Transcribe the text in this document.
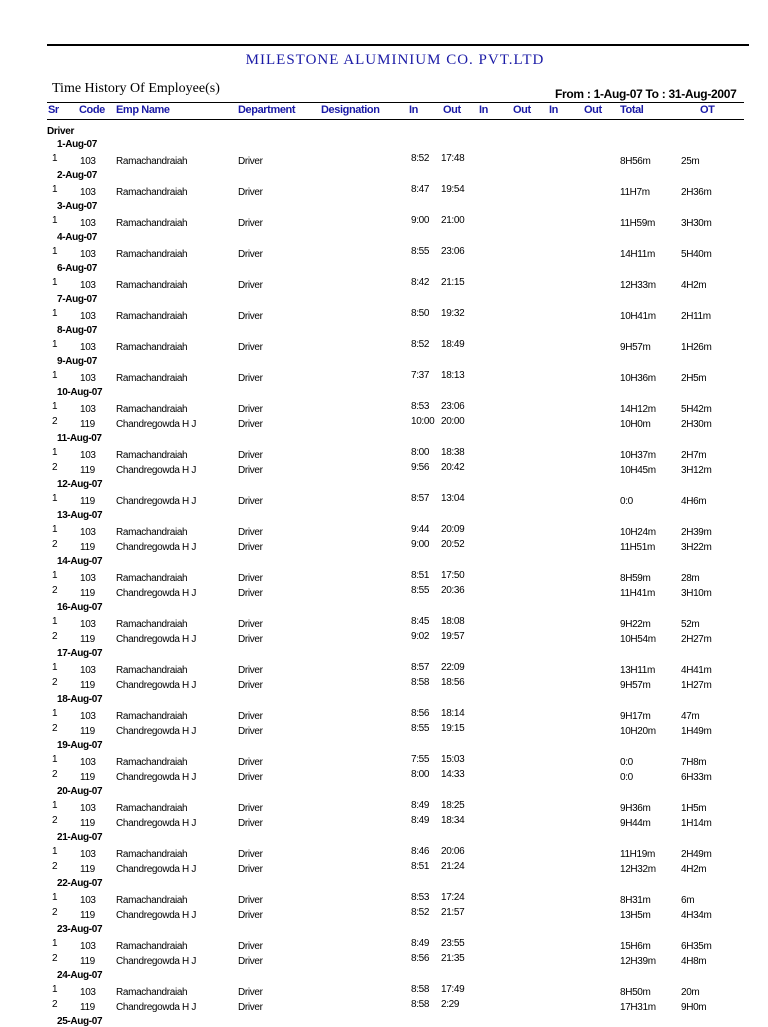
MILESTONE ALUMINIUM CO. PVT.LTD
Time History Of Employee(s)	From : 1-Aug-07 To : 31-Aug-2007
Sr Code Emp Name	Department Designation	In Out In Out In Out Total	OT
Driver
1-Aug-07
1 103 Ramachandraiah	Driver	8:52 17:48	8H56m	25m
2-Aug-07
1 103 Ramachandraiah	Driver	8:47 19:54	11H7m	2H36m
3-Aug-07
1 103 Ramachandraiah	Driver	9:00 21:00	11H59m	3H30m
4-Aug-07
1 103 Ramachandraiah	Driver	8:55 23:06	14H11m	5H40m
6-Aug-07
1 103 Ramachandraiah	Driver	8:42 21:15	12H33m	4H2m
7-Aug-07
1 103 Ramachandraiah	Driver	8:50 19:32	10H41m	2H11m
8-Aug-07
1 103 Ramachandraiah	Driver	8:52 18:49	9H57m	1H26m
9-Aug-07
1 103 Ramachandraiah	Driver	7:37 18:13	10H36m	2H5m
10-Aug-07
1 103 Ramachandraiah	Driver	8:53 23:06	14H12m	5H42m
2 119 Chandregowda H J	Driver	10:00 20:00	10H0m	2H30m
11-Aug-07
1 103 Ramachandraiah	Driver	8:00 18:38	10H37m	2H7m
2 119 Chandregowda H J	Driver	9:56 20:42	10H45m	3H12m
12-Aug-07
1 119 Chandregowda H J	Driver	8:57 13:04	0:0	4H6m
13-Aug-07
1 103 Ramachandraiah	Driver	9:44 20:09	10H24m	2H39m
2 119 Chandregowda H J	Driver	9:00 20:52	11H51m	3H22m
14-Aug-07
1 103 Ramachandraiah	Driver	8:51 17:50	8H59m	28m
2 119 Chandregowda H J	Driver	8:55 20:36	11H41m	3H10m
16-Aug-07
1 103 Ramachandraiah	Driver	8:45 18:08	9H22m	52m
2 119 Chandregowda H J	Driver	9:02 19:57	10H54m	2H27m
17-Aug-07
1 103 Ramachandraiah	Driver	8:57 22:09	13H11m	4H41m
2 119 Chandregowda H J	Driver	8:58 18:56	9H57m	1H27m
18-Aug-07
1 103 Ramachandraiah	Driver	8:56 18:14	9H17m	47m
2 119 Chandregowda H J	Driver	8:55 19:15	10H20m	1H49m
19-Aug-07
1 103 Ramachandraiah	Driver	7:55 15:03	0:0	7H8m
2 119 Chandregowda H J	Driver	8:00 14:33	0:0	6H33m
20-Aug-07
1 103 Ramachandraiah	Driver	8:49 18:25	9H36m	1H5m
2 119 Chandregowda H J	Driver	8:49 18:34	9H44m	1H14m
21-Aug-07
1 103 Ramachandraiah	Driver	8:46 20:06	11H19m	2H49m
2 119 Chandregowda H J	Driver	8:51 21:24	12H32m	4H2m
22-Aug-07
1 103 Ramachandraiah	Driver	8:53 17:24	8H31m	6m
2 119 Chandregowda H J	Driver	8:52 21:57	13H5m	4H34m
23-Aug-07
1 103 Ramachandraiah	Driver	8:49 23:55	15H6m	6H35m
2 119 Chandregowda H J	Driver	8:56 21:35	12H39m	4H8m
24-Aug-07
1 103 Ramachandraiah	Driver	8:58 17:49	8H50m	20m
2 119 Chandregowda H J	Driver	8:58 2:29	17H31m	9H0m
25-Aug-07
